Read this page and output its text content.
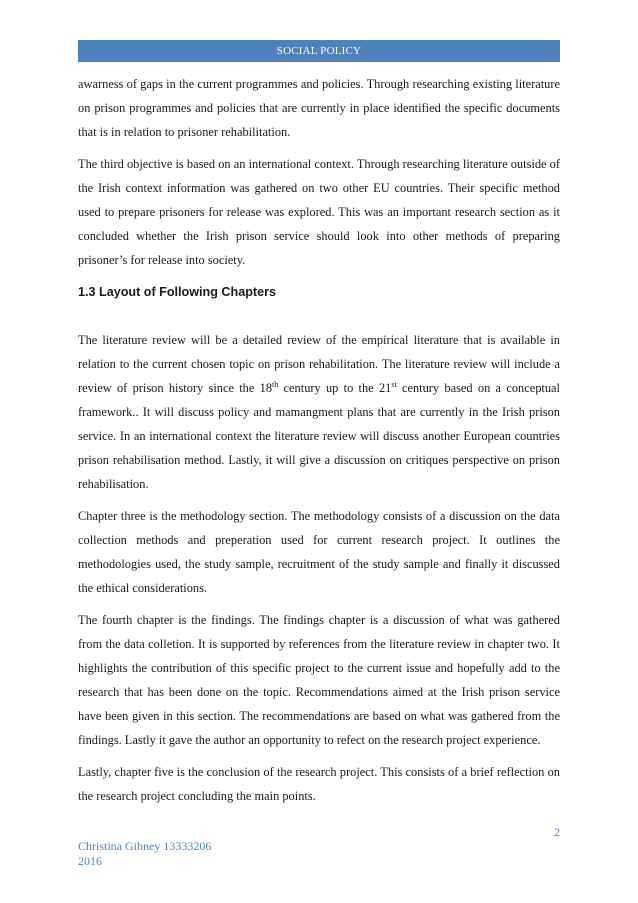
SOCIAL POLICY

awarness of gaps in the current programmes and policies. Through researching existing literature on prison programmes and policies that are currently in place identified the specific documents that is in relation to prisoner rehabilitation.

The third objective is based on an international context. Through researching literature outside of the Irish context information was gathered on two other EU countries. Their specific method used to prepare prisoners for release was explored. This was an important research section as it concluded whether the Irish prison service should look into other methods of preparing prisoner’s for release into society.

1.3 Layout of Following Chapters

The literature review will be a detailed review of the empirical literature that is available in relation to the current chosen topic on prison rehabilitation. The literature review will include a review of prison history since the 18th century up to the 21st century based on a conceptual framework.. It will discuss policy and mamangment plans that are currently in the Irish prison service. In an international context the literature review will discuss another European countries prison rehabilisation method. Lastly, it will give a discussion on critiques perspective on prison rehabilisation.

Chapter three is the methodology section. The methodology consists of a discussion on the data collection methods and preperation used for current research project. It outlines the methodologies used, the study sample, recruitment of the study sample and finally it discussed the ethical considerations.

The fourth chapter is the findings. The findings chapter is a discussion of what was gathered from the data colletion. It is supported by references from the literature review in chapter two. It highlights the contribution of this specific project to the current issue and hopefully add to the research that has been done on the topic. Recommendations aimed at the Irish prison service have been given in this section. The recommendations are based on what was gathered from the findings. Lastly it gave the author an opportunity to refect on the research project experience.

Lastly, chapter five is the conclusion of the research project. This consists of a brief reflection on the research project concluding the main points.

2
Christina Gibney 13333206
2016
